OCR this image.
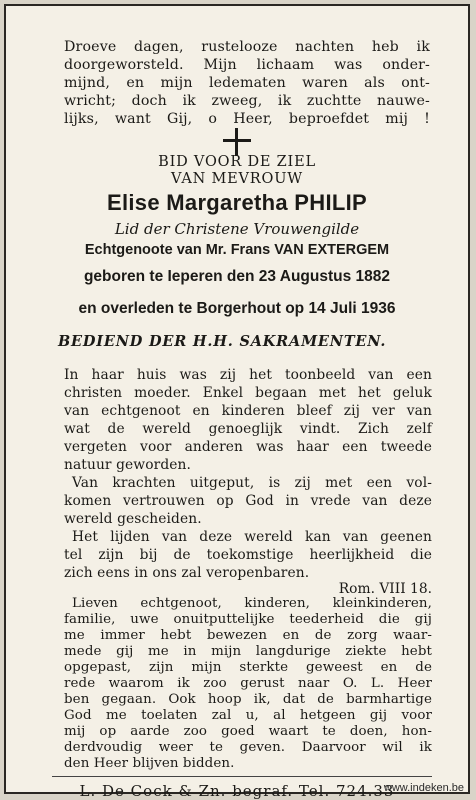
Droeve dagen, rustelooze nachten heb ik
doorgeworsteld. Mijn lichaam was onder-
mijnd, en mijn ledematen waren als ont-
wricht; doch ik zweeg, ik zuchtte nauwe-
lijks, want Gij, o Heer, beproefdet mij !
BID VOOR DE ZIEL
VAN MEVROUW
Elise Margaretha PHILIP
Lid der Christene Vrouwengilde
Echtgenoote van Mr. Frans VAN EXTERGEM
geboren te Ieperen den 23 Augustus 1882
en overleden te Borgerhout op 14 Juli 1936
BEDIEND DER H.H. SAKRAMENTEN.
In haar huis was zij het toonbeeld van een
christen moeder. Enkel begaan met het geluk
van echtgenoot en kinderen bleef zij ver van
wat de wereld genoeglijk vindt. Zich zelf
vergeten voor anderen was haar een tweede
natuur geworden.
Van krachten uitgeput, is zij met een vol-
komen vertrouwen op God in vrede van deze
wereld gescheiden.
Het lijden van deze wereld kan van geenen
tel zijn bij de toekomstige heerlijkheid die
zich eens in ons zal veropenbaren.
Rom. VIII 18.
Lieven echtgenoot, kinderen, kleinkinderen,
familie, uwe onuitputtelijke teederheid die gij
me immer hebt bewezen en de zorg waar-
mede gij me in mijn langdurige ziekte hebt
opgepast, zijn mijn sterkte geweest en de
rede waarom ik zoo gerust naar O. L. Heer
ben gegaan. Ook hoop ik, dat de barmhartige
God me toelaten zal u, al hetgeen gij voor
mij op aarde zoo goed waart te doen, hon-
derdvoudig weer te geven. Daarvoor wil ik
den Heer blijven bidden.
L. De Cock & Zn. begraf. Tel. 724.33
www.indeken.be
